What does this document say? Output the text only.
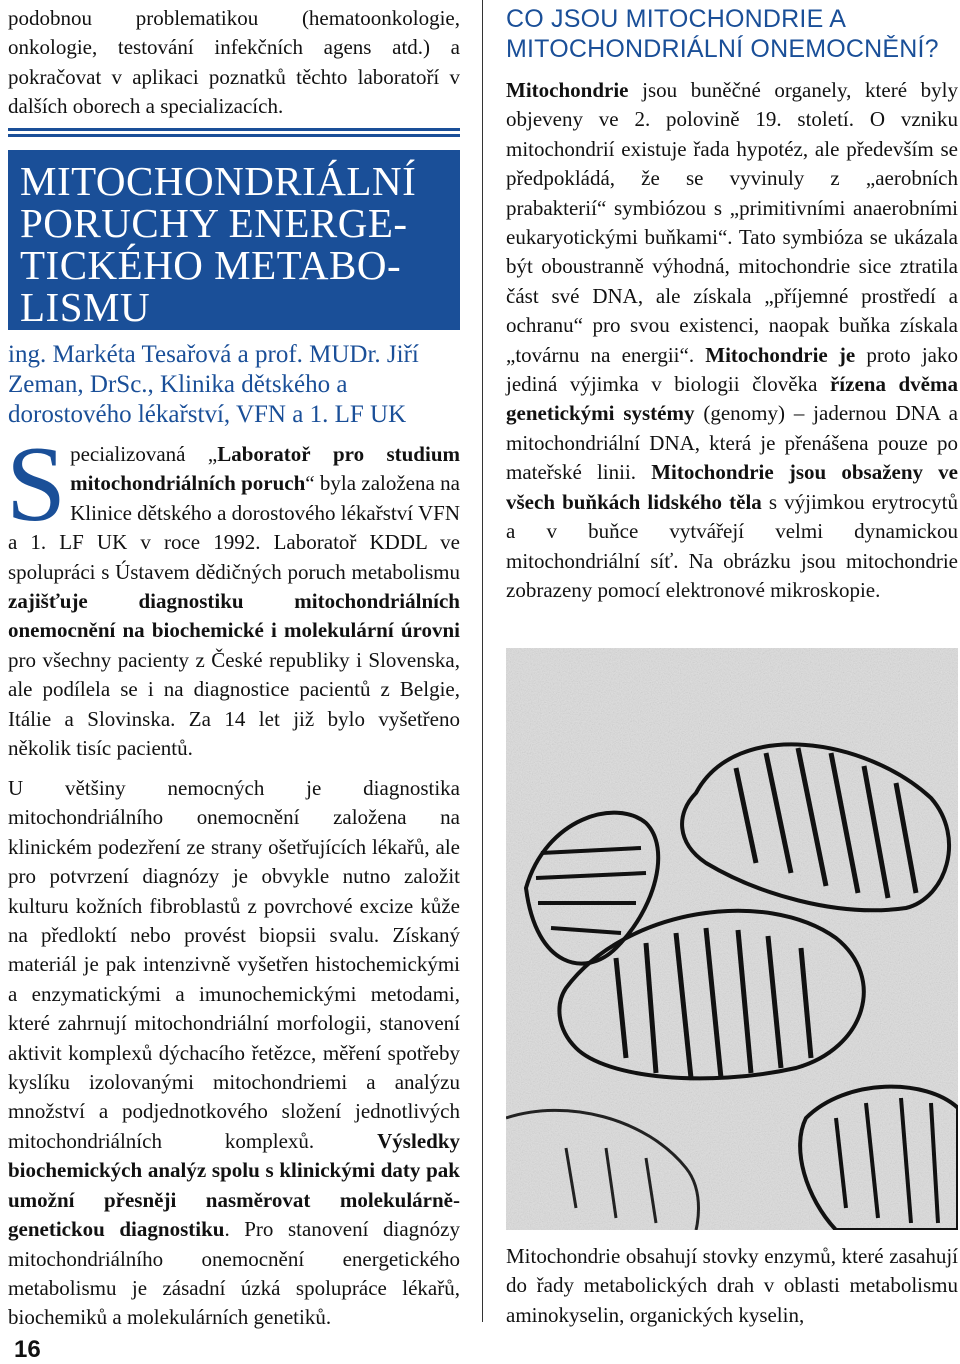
podobnou problematikou (hematoonkologie, onkologie, testování infekčních agens atd.) a pokračovat v aplikaci poznatků těchto laboratoří v dalších oborech a specializacích.

MITOCHONDRIÁLNÍ
PORUCHY ENERGE-
TICKÉHO METABO-
LISMU
ing. Markéta Tesařová a prof. MUDr. Jiří Zeman, DrSc., Klinika dětského a dorostového lékařství, VFN a 1. LF UK
S pecializovaná „Laboratoř pro studium mitochondriálních poruch“ byla založena na Klinice dětského a dorostového lékařství VFN a 1. LF UK v roce 1992. Laboratoř KDDL ve spolupráci s Ústavem dědičných poruch metabolismu zajišťuje diagnostiku mitochondriálních onemocnění na biochemické i molekulární úrovni pro všechny pacienty z České republiky i Slovenska, ale podílela se i na diagnostice pacientů z Belgie, Itálie a Slovinska. Za 14 let již bylo vyšetřeno několik tisíc pacientů.

U většiny nemocných je diagnostika mitochondriálního onemocnění založena na klinickém podezření ze strany ošetřujících lékařů, ale pro potvrzení diagnózy je obvykle nutno založit kulturu kožních fibroblastů z povrchové excize kůže na předloktí nebo provést biopsii svalu. Získaný materiál je pak intenzivně vyšetřen histochemickými a enzymatickými a imunochemickými metodami, které zahrnují mitochondriální morfologii, stanovení aktivit komplexů dýchacího řetězce, měření spotřeby kyslíku izolovanými mitochondriemi a analýzu množství a podjednotkového složení jednotlivých mitochondriálních komplexů. Výsledky biochemických analýz spolu s klinickými daty pak umožní přesněji nasměrovat molekulárně-genetickou diagnostiku. Pro stanovení diagnózy mitochondriálního onemocnění energetického metabolismu je zásadní úzká spolupráce lékařů, biochemiků a molekulárních genetiků.

16
CO JSOU MITOCHONDRIE A MITOCHONDRIÁLNÍ ONEMOCNĚNÍ?

Mitochondrie jsou buněčné organely, které byly objeveny ve 2. polovině 19. století. O vzniku mitochondrií existuje řada hypotéz, ale především se předpokládá, že se vyvinuly z „aerobních prabakterií“ symbiózou s „primitivními anaerobními eukaryotickými buňkami“. Tato symbióza se ukázala být oboustranně výhodná, mitochondrie sice ztratila část své DNA, ale získala „příjemné prostředí a ochranu“ pro svou existenci, naopak buňka získala „továrnu na energii“. Mitochondrie je proto jako jediná výjimka v biologii člověka řízena dvěma genetickými systémy (genomy) – jadernou DNA a mitochondriální DNA, která je přenášena pouze po mateřské linii. Mitochondrie jsou obsaženy ve všech buňkách lidského těla s výjimkou erytrocytů a v buňce vytvářejí velmi dynamickou mitochondriální síť. Na obrázku jsou mitochondrie zobrazeny pomocí elektronové mikroskopie.

Mitochondrie obsahují stovky enzymů, které zasahují do řady metabolických drah v oblasti metabolismu aminokyselin, organických kyselin,
